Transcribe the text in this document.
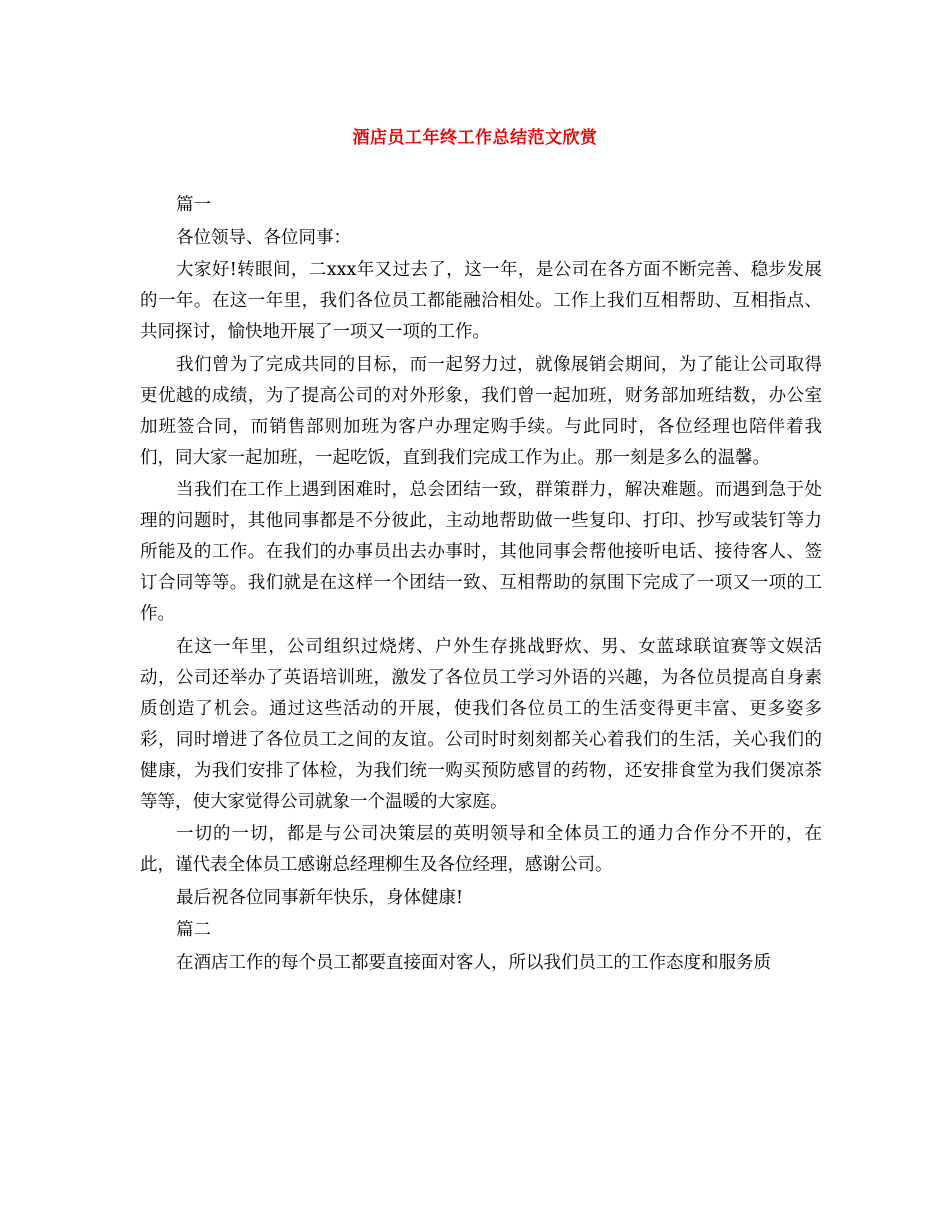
酒店员工年终工作总结范文欣赏

篇一

各位领导、各位同事：

大家好!转眼间，二xxx年又过去了，这一年，是公司在各方面不断完善、稳步发展的一年。在这一年里，我们各位员工都能融洽相处。工作上我们互相帮助、互相指点、共同探讨，愉快地开展了一项又一项的工作。

我们曾为了完成共同的目标，而一起努力过，就像展销会期间，为了能让公司取得更优越的成绩，为了提高公司的对外形象，我们曾一起加班，财务部加班结数，办公室加班签合同，而销售部则加班为客户办理定购手续。与此同时，各位经理也陪伴着我们，同大家一起加班，一起吃饭，直到我们完成工作为止。那一刻是多么的温馨。

当我们在工作上遇到困难时，总会团结一致，群策群力，解决难题。而遇到急于处理的问题时，其他同事都是不分彼此，主动地帮助做一些复印、打印、抄写或装钉等力所能及的工作。在我们的办事员出去办事时，其他同事会帮他接听电话、接待客人、签订合同等等。我们就是在这样一个团结一致、互相帮助的氛围下完成了一项又一项的工作。

在这一年里，公司组织过烧烤、户外生存挑战野炊、男、女蓝球联谊赛等文娱活动，公司还举办了英语培训班，激发了各位员工学习外语的兴趣，为各位员提高自身素质创造了机会。通过这些活动的开展，使我们各位员工的生活变得更丰富、更多姿多彩，同时增进了各位员工之间的友谊。公司时时刻刻都关心着我们的生活，关心我们的健康，为我们安排了体检，为我们统一购买预防感冒的药物，还安排食堂为我们煲凉茶等等，使大家觉得公司就象一个温暖的大家庭。

一切的一切，都是与公司决策层的英明领导和全体员工的通力合作分不开的，在此，谨代表全体员工感谢总经理柳生及各位经理，感谢公司。

最后祝各位同事新年快乐，身体健康!

篇二

在酒店工作的每个员工都要直接面对客人，所以我们员工的工作态度和服务质
